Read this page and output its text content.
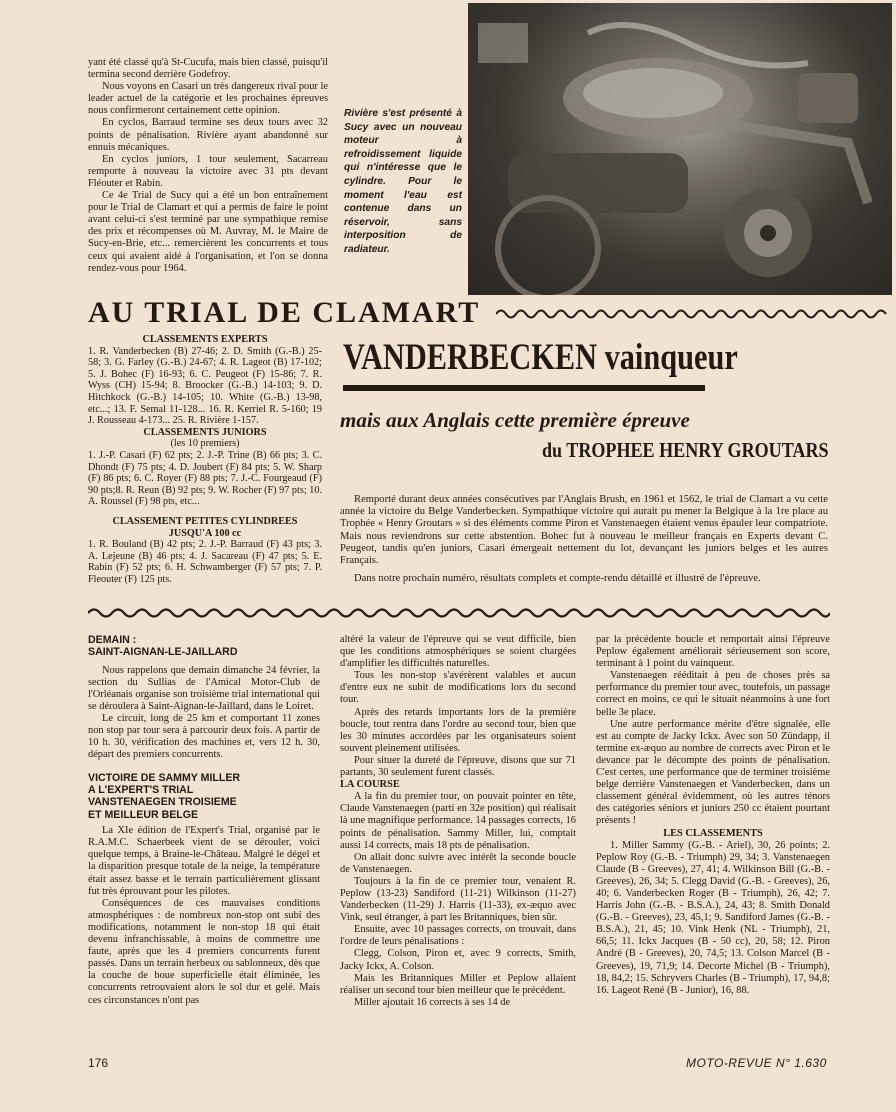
yant été classé qu'à St-Cucufa, mais bien classé, puisqu'il termina second derrière Godefroy.

Nous voyons en Casari un très dangereux rival pour le leader actuel de la catégorie et les prochaines épreuves nous confirmeront certainement cette opinion.

En cyclos, Barraud termine ses deux tours avec 32 points de pénalisation. Rivière ayant abandonné sur ennuis mécaniques.

En cyclos juniors, 1 tour seulement, Sacarreau remporte à nouveau la victoire avec 31 pts devant Fléouter et Rabin.

Ce 4e Trial de Sucy qui a été un bon entraînement pour le Trial de Clamart et qui a permis de faire le point avant celui-ci s'est terminé par une sympathique remise des prix et récompenses où M. Auvray, M. le Maire de Sucy-en-Brie, etc... remercièrent les concurrents et tous ceux qui avaient aidé à l'organisation, et l'on se donna rendez-vous pour 1964.

Rivière s'est présenté à Sucy avec un nouveau moteur à refroidissement liquide qui n'intéresse que le cylindre. Pour le moment l'eau est contenue dans un réservoir, sans interposition de radiateur.
AU TRIAL DE CLAMART

CLASSEMENTS EXPERTS

1. R. Vanderbecken (B) 27-46; 2. D. Smith (G.-B.) 25-58; 3. G. Farley (G.-B.) 24-67; 4. R. Lageot (B) 17-102; 5. J. Bohec (F) 16-93; 6. C. Peugeot (F) 15-86; 7. R. Wyss (CH) 15-94; 8. Broocker (G.-B.) 14-103; 9. D. Hitchkock (G.-B.) 14-105; 10. White (G.-B.) 13-98, etc...; 13. F. Semal 11-128... 16. R. Kerriel R. 5-160; 19 J. Rousseau 4-173... 25. R. Rivière 1-157.

CLASSEMENTS JUNIORS

(les 10 premiers)

1. J.-P. Casari (F) 62 pts; 2. J.-P. Trine (B) 66 pts; 3. C. Dhondt (F) 75 pts; 4. D. Joubert (F) 84 pts; 5. W. Sharp (F) 86 pts; 6. C. Royer (F) 88 pts; 7. J.-C. Fourgeaud (F) 90 pts;8. R. Reun (B) 92 pts; 9. W. Rocher (F) 97 pts; 10. A. Roussel (F) 98 pts, etc...

CLASSEMENT PETITES CYLINDREES

JUSQU'A 100 cc

1. R. Bouland (B) 42 pts; 2. J.-P. Barraud (F) 43 pts; 3. A. Lejeune (B) 46 pts; 4. J. Sacareau (F) 47 pts; 5. E. Rabin (F) 52 pts; 6. H. Schwamberger (F) 57 pts; 7. P. Fleouter (F) 125 pts.

VANDERBECKEN vainqueur
mais aux Anglais cette première épreuve
du TROPHEE HENRY GROUTARS

Remporté durant deux années consécutives par l'Anglais Brush, en 1961 et 1562, le trial de Clamart a vu cette année la victoire du Belge Vanderbecken. Sympathique victoire qui aurait pu mener la Belgique à la 1re place au Trophée « Henry Groutars » si des éléments comme Piron et Vanstenaegen étaient venus épauler leur compatriote. Mais nous reviendrons sur cette abstention. Bohec fut à nouveau le meilleur français en Experts devant C. Peugeot, tandis qu'en juniors, Casari émergeait nettement du lot, devançant les juniors belges et les autres Français.

Dans notre prochain numéro, résultats complets et compte-rendu détaillé et illustré de l'épreuve.

DEMAIN :

SAINT-AIGNAN-LE-JAILLARD

Nous rappelons que demain dimanche 24 février, la section du Sullias de l'Amical Motor-Club de l'Orléanais organise son troisième trial international qui se déroulera à Saint-Aignan-le-Jaillard, dans le Loiret.

Le circuit, long de 25 km et comportant 11 zones non stop par tour sera à parcourir deux fois. A partir de 10 h. 30, vérification des machines et, vers 12 h. 30, départ des premiers concurrents.

VICTOIRE DE SAMMY MILLER

A L'EXPERT'S TRIAL

VANSTENAEGEN TROISIEME

ET MEILLEUR BELGE

La XIe édition de l'Expert's Trial, organisé par le R.A.M.C. Schaerbeek vient de se dérouler, voici quelque temps, à Braine-le-Château. Malgré le dégel et la disparition presque totale de la neige, la température était assez basse et le terrain particulièrement glissant fut très éprouvant pour les pilotes.

Conséquences de ces mauvaises conditions atmosphériques : de nombreux non-stop ont subi des modifications, notamment le non-stop 18 qui était devenu infranchissable, à moins de commettre une faute, après que les 4 premiers concurrents furent passés. Dans un terrain herbeux ou sablonneux, dès que la couche de boue superficielle était éliminée, les concurrents retrouvaient alors le sol dur et gelé. Mais ces circonstances n'ont pas

altéré la valeur de l'épreuve qui se veut difficile, bien que les conditions atmosphériques se soient chargées d'amplifier les difficultés naturelles.

Tous les non-stop s'avérèrent valables et aucun d'entre eux ne subit de modifications lors du second tour.

Après des retards importants lors de la première boucle, tout rentra dans l'ordre au second tour, bien que les 30 minutes accordées par les organisateurs soient souvent pleinement utilisées.

Pour situer la dureté de l'épreuve, disons que sur 71 partants, 30 seulement furent classés.

LA COURSE

A la fin du premier tour, on pouvait pointer en tête, Claude Vanstenaegen (parti en 32e position) qui réalisait là une magnifique performance. 14 passages corrects, 16 points de pénalisation. Sammy Miller, lui, comptait aussi 14 corrects, mais 18 pts de pénalisation.

On allait donc suivre avec intérêt la seconde boucle de Vanstenaegen.

Toujours à la fin de ce premier tour, venaient R. Peplow (13-23) Sandiford (11-21) Wilkinson (11-27) Vanderbecken (11-29) J. Harris (11-33), ex-æquo avec Vink, seul étranger, à part les Britanniques, bien sûr.

Ensuite, avec 10 passages corrects, on trouvait, dans l'ordre de leurs pénalisations :

Clegg, Colson, Piron et, avec 9 corrects, Smith, Jacky Ickx, A. Colson.

Mais les Britanniques Miller et Peplow allaient réaliser un second tour bien meilleur que le précédent.

Miller ajoutait 16 corrects à ses 14 de

par la précédente boucle et remportait ainsi l'épreuve Peplow également améliorait sérieusement son score, terminant à 1 point du vainqueur.

Vanstenaegen rééditait à peu de choses près sa performance du premier tour avec, toutefois, un passage correct en moins, ce qui le situait néanmoins à une fort belle 3e place.

Une autre performance mérite d'être signalée, elle est au compte de Jacky Ickx. Avec son 50 Zündapp, il termine ex-æquo au nombre de corrects avec Piron et le devance par le décompte des points de pénalisation. C'est certes, une performance que de terminer troisième belge derrière Vanstenaegen et Vanderbecken, dans un classement général évidemment, où les autres ténors des catégories séniors et juniors 250 cc étaient pourtant présents !

LES CLASSEMENTS

1. Miller Sammy (G.-B. - Ariel), 30, 26 points; 2. Peplow Roy (G.-B. - Triumph) 29, 34; 3. Vanstenaegen Claude (B - Greeves), 27, 41; 4. Wilkinson Bill (G.-B. - Greeves), 26, 34; 5. Clegg David (G.-B. - Greeves), 26, 40; 6. Vanderbecken Roger (B - Triumph), 26, 42; 7. Harris John (G.-B. - B.S.A.), 24, 43; 8. Smith Donald (G.-B. - Greeves), 23, 45,1; 9. Sandiford James (G.-B. - B.S.A.), 21, 45; 10. Vink Henk (NL - Triumph), 21, 66,5; 11. Ickx Jacques (B - 50 cc), 20, 58; 12. Piron André (B - Greeves), 20, 74,5; 13. Colson Marcel (B - Greeves), 19, 71,9; 14. Decorte Michel (B - Triumph), 18, 84,2; 15. Schryvers Charles (B - Triumph), 17, 94,8; 16. Lageot René (B - Junior), 16, 88.

176	MOTO-REVUE N° 1.630
